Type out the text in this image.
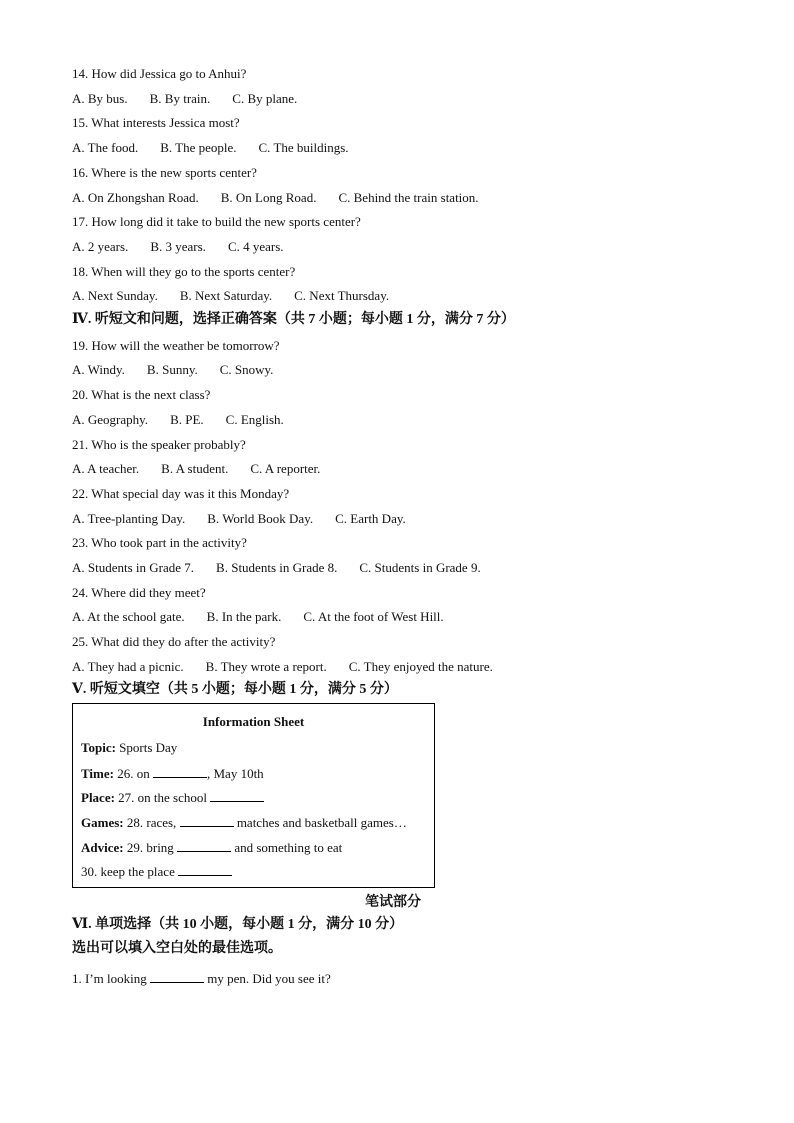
14. How did Jessica go to Anhui?
A. By bus. B. By train. C. By plane.
15. What interests Jessica most?
A. The food. B. The people. C. The buildings.
16. Where is the new sports center?
A. On Zhongshan Road. B. On Long Road. C. Behind the train station.
17. How long did it take to build the new sports center?
A. 2 years. B. 3 years. C. 4 years.
18. When will they go to the sports center?
A. Next Sunday. B. Next Saturday. C. Next Thursday.
Ⅳ. 听短文和问题，选择正确答案（共 7 小题；每小题 1 分，满分 7 分）
19. How will the weather be tomorrow?
A. Windy. B. Sunny. C. Snowy.
20. What is the next class?
A. Geography. B. PE. C. English.
21. Who is the speaker probably?
A. A teacher. B. A student. C. A reporter.
22. What special day was it this Monday?
A. Tree-planting Day. B. World Book Day. C. Earth Day.
23. Who took part in the activity?
A. Students in Grade 7. B. Students in Grade 8. C. Students in Grade 9.
24. Where did they meet?
A. At the school gate. B. In the park. C. At the foot of West Hill.
25. What did they do after the activity?
A. They had a picnic. B. They wrote a report. C. They enjoyed the nature.
Ⅴ. 听短文填空（共 5 小题；每小题 1 分，满分 5 分）
Information Sheet
Topic: Sports Day
Time: 26. on	, May 10th
Place: 27. on the school
Games: 28. races,	matches and basketball games…
Advice: 29. bring	and something to eat
30. keep the place
笔试部分
Ⅵ. 单项选择（共 10 小题，每小题 1 分，满分 10 分）
选出可以填入空白处的最佳选项。
1. I’m looking	my pen. Did you see it?
